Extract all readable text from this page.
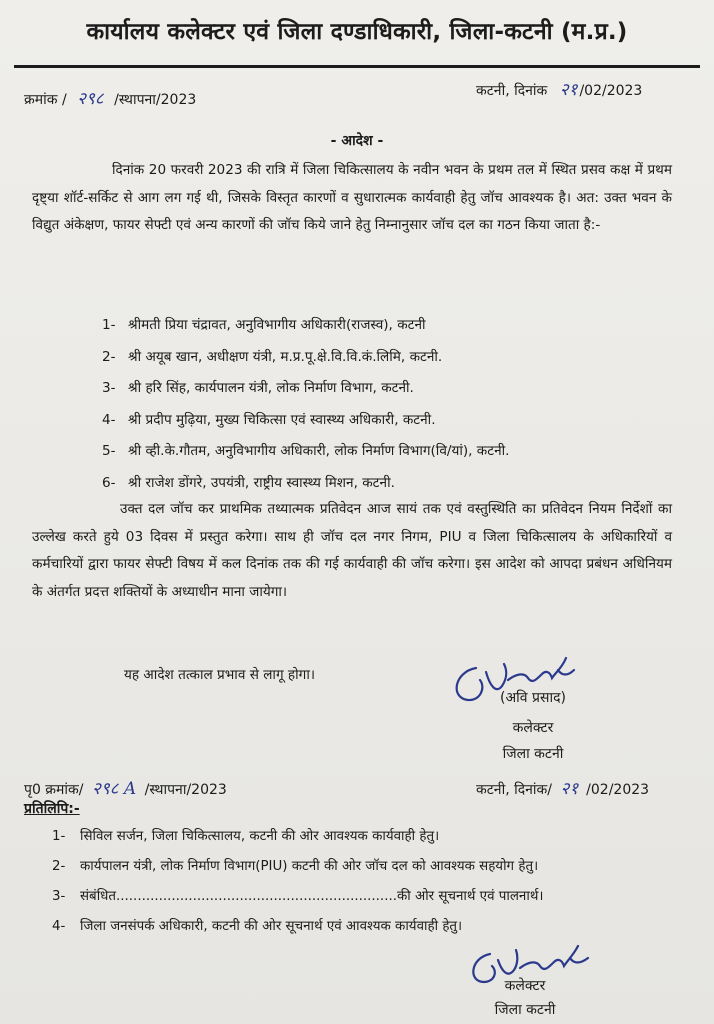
कार्यालय कलेक्टर एवं जिला दण्डाधिकारी, जिला-कटनी (म.प्र.)
क्रमांक / २९८ /स्थापना/2023
कटनी, दिनांक २१ /02/2023
- आदेश -
दिनांक 20 फरवरी 2023 की रात्रि में जिला चिकित्सालय के नवीन भवन के प्रथम तल में स्थित प्रसव कक्ष में प्रथम दृष्ट्या शॉर्ट-सर्किट से आग लग गई थी, जिसके विस्तृत कारणों व सुधारात्मक कार्यवाही हेतु जॉच आवश्यक है। अत: उक्त भवन के विद्युत अंकेक्षण, फायर सेफ्टी एवं अन्य कारणों की जॉच किये जाने हेतु निम्नानुसार जॉच दल का गठन किया जाता है:-
1- श्रीमती प्रिया चंद्रावत, अनुविभागीय अधिकारी(राजस्व), कटनी
2- श्री अयूब खान, अधीक्षण यंत्री, म.प्र.पू.क्षे.वि.वि.कं.लिमि, कटनी.
3- श्री हरि सिंह, कार्यपालन यंत्री, लोक निर्माण विभाग, कटनी.
4- श्री प्रदीप मुढ़िया, मुख्य चिकित्सा एवं स्वास्थ्य अधिकारी, कटनी.
5- श्री व्ही.के.गौतम, अनुविभागीय अधिकारी, लोक निर्माण विभाग(वि/यां), कटनी.
6- श्री राजेश डोंगरे, उपयंत्री, राष्ट्रीय स्वास्थ्य मिशन, कटनी.
उक्त दल जॉच कर प्राथमिक तथ्यात्मक प्रतिवेदन आज सायं तक एवं वस्तुस्थिति का प्रतिवेदन नियम निर्देशों का उल्लेख करते हुये 03 दिवस में प्रस्तुत करेगा। साथ ही जॉच दल नगर निगम, PIU व जिला चिकित्सालय के अधिकारियों व कर्मचारियों द्वारा फायर सेफ्टी विषय में कल दिनांक तक की गई कार्यवाही की जॉच करेगा। इस आदेश को आपदा प्रबंधन अधिनियम के अंतर्गत प्रदत्त शक्तियों के अध्याधीन माना जायेगा।
यह आदेश तत्काल प्रभाव से लागू होगा।
(अवि प्रसाद)
कलेक्टर
जिला कटनी
पृ0 क्रमांक/ २९८ A /स्थापना/2023	कटनी, दिनांक/ २१ /02/2023
प्रतिलिपि:-
1- सिविल सर्जन, जिला चिकित्सालय, कटनी की ओर आवश्यक कार्यवाही हेतु।
2- कार्यपालन यंत्री, लोक निर्माण विभाग(PIU) कटनी की ओर जॉच दल को आवश्यक सहयोग हेतु।
3- संबंधित..................................................................की ओर सूचनार्थ एवं पालनार्थ।
4- जिला जनसंपर्क अधिकारी, कटनी की ओर सूचनार्थ एवं आवश्यक कार्यवाही हेतु।
कलेक्टर
जिला कटनी
